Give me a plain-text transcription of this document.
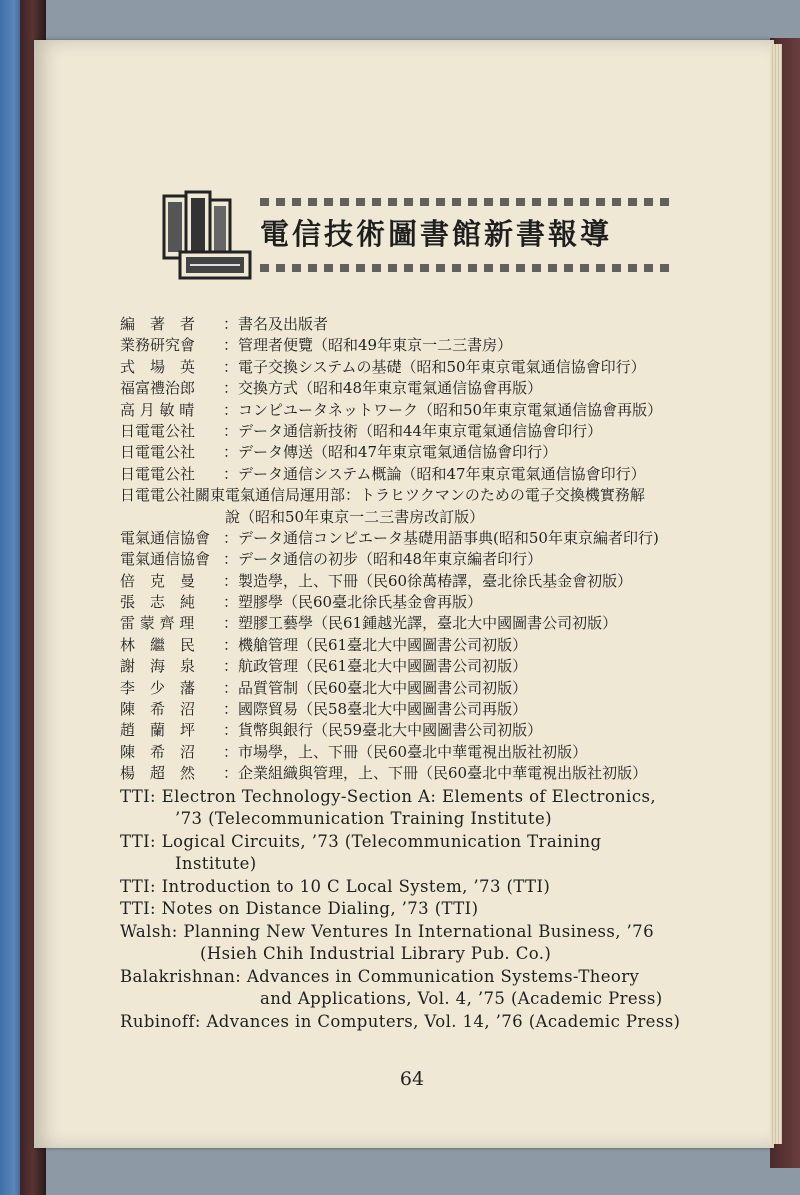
電信技術圖書館新書報導
編　著　者 ：書名及出版者
業務研究會 ：管理者便覽（昭和49年東京一二三書房）
式　場　英 ：電子交換システムの基礎（昭和50年東京電氣通信協會印行）
福富禮治郎 ：交換方式（昭和48年東京電氣通信協會再版）
高 月 敏 晴 ：コンピユータネットワーク（昭和50年東京電氣通信協會再版）
日電電公社 ：データ通信新技術（昭和44年東京電氣通信協會印行）
日電電公社 ：データ傳送（昭和47年東京電氣通信協會印行）
日電電公社 ：データ通信システム概論（昭和47年東京電氣通信協會印行）
日電電公社關東電氣通信局運用部：トラヒツクマンのための電子交換機實務解
說（昭和50年東京一二三書房改訂版）
電氣通信協會 ：データ通信コンピエータ基礎用語事典(昭和50年東京編者印行)
電氣通信協會 ：データ通信の初步（昭和48年東京編者印行）
倍　克　曼 ：製造學，上、下冊（民60徐萬椿譯，臺北徐氏基金會初版）
張　志　純 ：塑膠學（民60臺北徐氏基金會再版）
雷 蒙 齊 理 ：塑膠工藝學（民61鍾越光譯，臺北大中國圖書公司初版）
林　繼　民 ：機艙管理（民61臺北大中國圖書公司初版）
謝　海　泉 ：航政管理（民61臺北大中國圖書公司初版）
李　少　藩 ：品質管制（民60臺北大中國圖書公司初版）
陳　希　沼 ：國際貿易（民58臺北大中國圖書公司再版）
趙　蘭　坪 ：貨幣與銀行（民59臺北大中國圖書公司初版）
陳　希　沼 ：市場學，上、下冊（民60臺北中華電視出版社初版）
楊　超　然 ：企業組織與管理，上、下冊（民60臺北中華電視出版社初版）
TTI: Electron Technology-Section A: Elements of Electronics,
’73 (Telecommunication Training Institute)
TTI: Logical Circuits, ’73 (Telecommunication Training
Institute)
TTI: Introduction to 10 C Local System, ’73 (TTI)
TTI: Notes on Distance Dialing, ’73 (TTI)
Walsh: Planning New Ventures In International Business, ’76
(Hsieh Chih Industrial Library Pub. Co.)
Balakrishnan: Advances in Communication Systems-Theory
and Applications, Vol. 4, ’75 (Academic Press)
Rubinoff: Advances in Computers, Vol. 14, ’76 (Academic Press)
64
